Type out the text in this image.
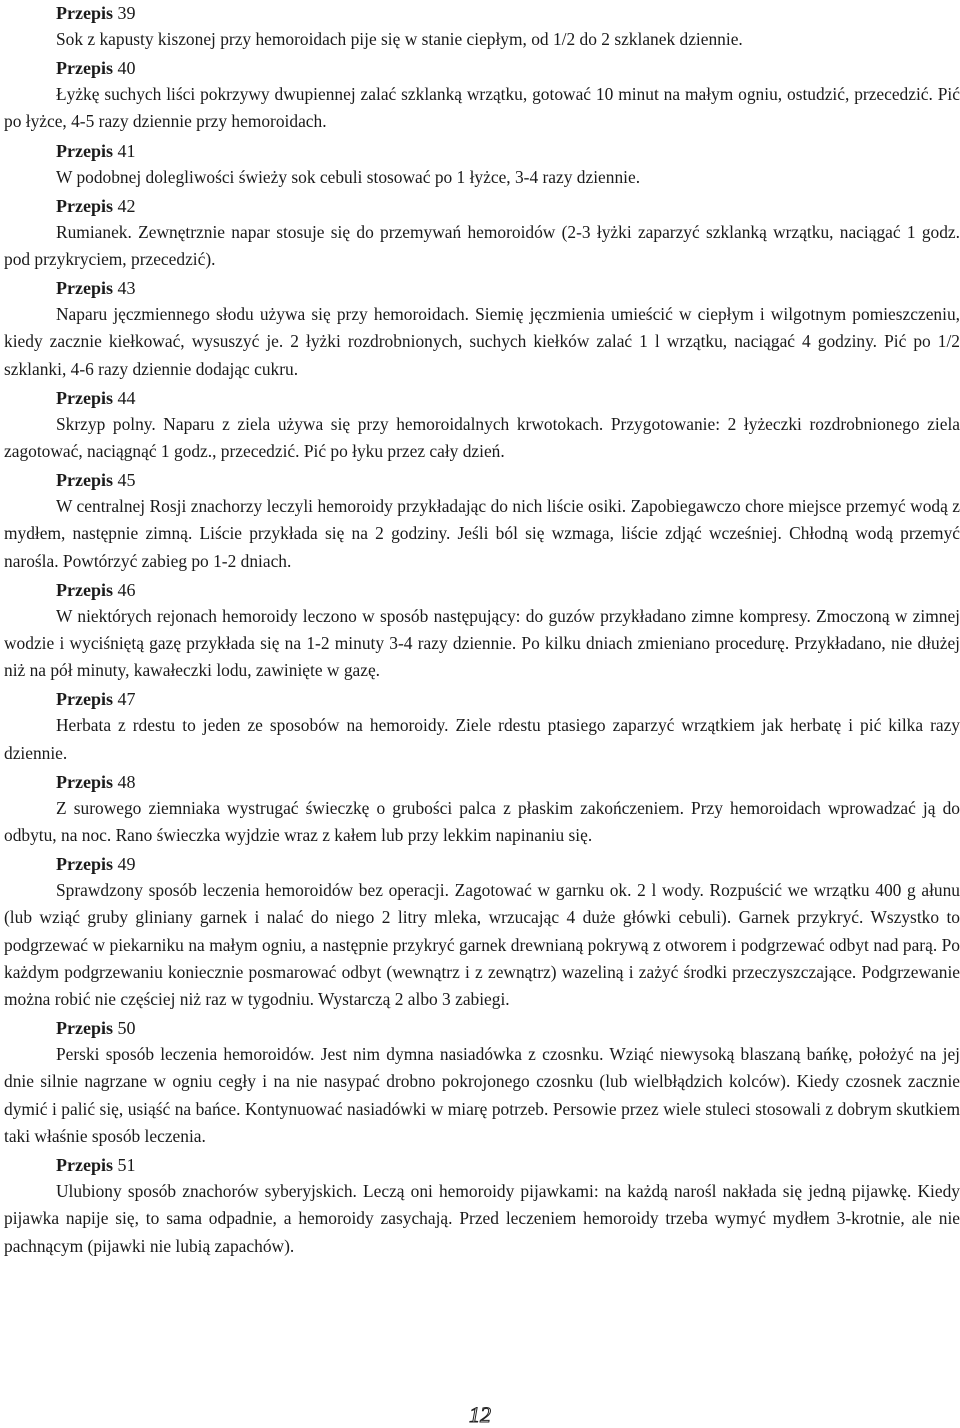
Przepis 39

Sok z kapusty kiszonej przy hemoroidach pije się w stanie ciepłym, od 1/2 do 2 szklanek dziennie.

Przepis 40

Łyżkę suchych liści pokrzywy dwupiennej zalać szklanką wrzątku, gotować 10 minut na małym ogniu, ostudzić, przecedzić. Pić po łyżce, 4-5 razy dziennie przy hemoroidach.

Przepis 41

W podobnej dolegliwości świeży sok cebuli stosować po 1 łyżce, 3-4 razy dziennie.

Przepis 42

Rumianek. Zewnętrznie napar stosuje się do przemywań hemoroidów (2-3 łyżki zaparzyć szklanką wrzątku, naciągać 1 godz. pod przykryciem, przecedzić).

Przepis 43

Naparu jęczmiennego słodu używa się przy hemoroidach. Siemię jęczmienia umieścić w ciepłym i wilgotnym pomieszczeniu, kiedy zacznie kiełkować, wysuszyć je. 2 łyżki rozdrobnionych, suchych kiełków zalać 1 l wrzątku, naciągać 4 godziny. Pić po 1/2 szklanki, 4-6 razy dziennie dodając cukru.

Przepis 44

Skrzyp polny. Naparu z ziela używa się przy hemoroidalnych krwotokach. Przygotowanie: 2 łyżeczki rozdrobnionego ziela zagotować, naciągnąć 1 godz., przecedzić. Pić po łyku przez cały dzień.

Przepis 45

W centralnej Rosji znachorzy leczyli hemoroidy przykładając do nich liście osiki. Zapobiegawczo chore miejsce przemyć wodą z mydłem, następnie zimną. Liście przykłada się na 2 godziny. Jeśli ból się wzmaga, liście zdjąć wcześniej. Chłodną wodą przemyć narośla. Powtórzyć zabieg po 1-2 dniach.

Przepis 46

W niektórych rejonach hemoroidy leczono w sposób następujący: do guzów przykładano zimne kompresy. Zmoczoną w zimnej wodzie i wyciśniętą gazę przykłada się na 1-2 minuty 3-4 razy dziennie. Po kilku dniach zmieniano procedurę. Przykładano, nie dłużej niż na pół minuty, kawałeczki lodu, zawinięte w gazę.

Przepis 47

Herbata z rdestu to jeden ze sposobów na hemoroidy. Ziele rdestu ptasiego zaparzyć wrzątkiem jak herbatę i pić kilka razy dziennie.

Przepis 48

Z surowego ziemniaka wystrugać świeczkę o grubości palca z płaskim zakończeniem. Przy hemoroidach wprowadzać ją do odbytu, na noc. Rano świeczka wyjdzie wraz z kałem lub przy lekkim napinaniu się.

Przepis 49

Sprawdzony sposób leczenia hemoroidów bez operacji. Zagotować w garnku ok. 2 l wody. Rozpuścić we wrzątku 400 g ałunu (lub wziąć gruby gliniany garnek i nalać do niego 2 litry mleka, wrzucając 4 duże główki cebuli). Garnek przykryć. Wszystko to podgrzewać w piekarniku na małym ogniu, a następnie przykryć garnek drewnianą pokrywą z otworem i podgrzewać odbyt nad parą. Po każdym podgrzewaniu koniecznie posmarować odbyt (wewnątrz i z zewnątrz) wazeliną i zażyć środki przeczyszczające. Podgrzewanie można robić nie częściej niż raz w tygodniu. Wystarczą 2 albo 3 zabiegi.

Przepis 50

Perski sposób leczenia hemoroidów. Jest nim dymna nasiadówka z czosnku. Wziąć niewysoką blaszaną bańkę, położyć na jej dnie silnie nagrzane w ogniu cegły i na nie nasypać drobno pokrojonego czosnku (lub wielbłądzich kolców). Kiedy czosnek zacznie dymić i palić się, usiąść na bańce. Kontynuować nasiadówki w miarę potrzeb. Persowie przez wiele stuleci stosowali z dobrym skutkiem taki właśnie sposób leczenia.

Przepis 51

Ulubiony sposób znachorów syberyjskich. Leczą oni hemoroidy pijawkami: na każdą narośl nakłada się jedną pijawkę. Kiedy pijawka napije się, to sama odpadnie, a hemoroidy zasychają. Przed leczeniem hemoroidy trzeba wymyć mydłem 3-krotnie, ale nie pachnącym (pijawki nie lubią zapachów).

12
